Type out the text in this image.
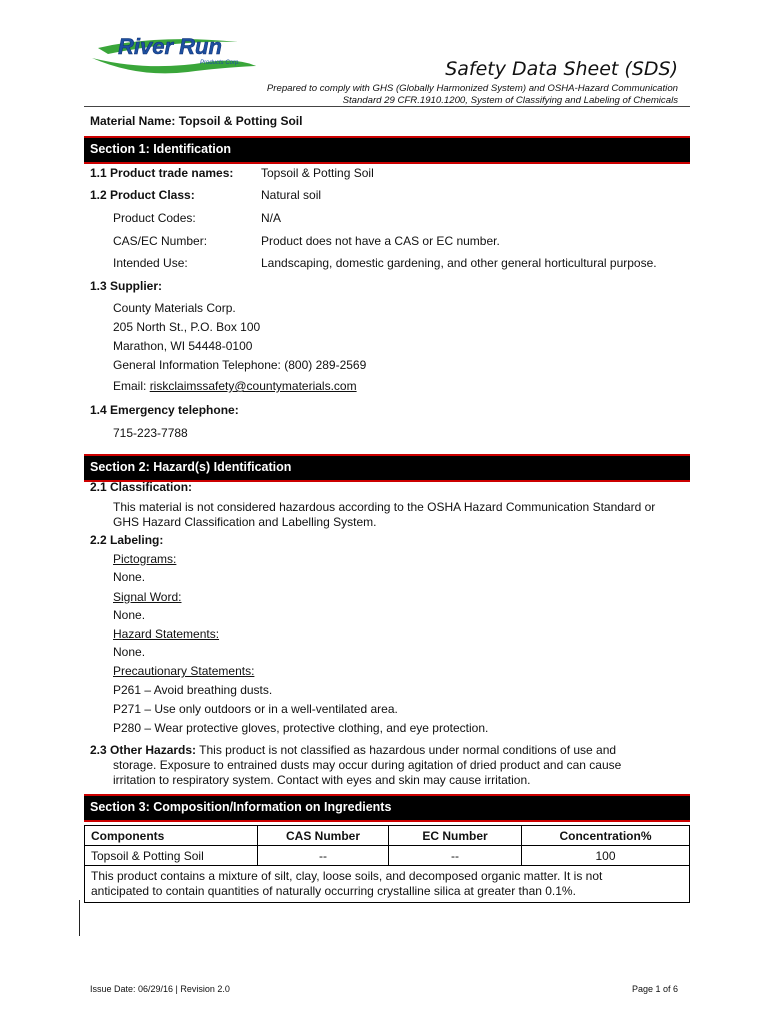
River Run
Products Corp.	Safety Data Sheet (SDS)
Prepared to comply with GHS (Globally Harmonized System) and OSHA-Hazard Communication
Standard 29 CFR.1910.1200, System of Classifying and Labeling of Chemicals
Material Name: Topsoil & Potting Soil
Section 1: Identification
1.1 Product trade names: Topsoil & Potting Soil
1.2 Product Class:	Natural soil
Product Codes:	N/A
CAS/EC Number:	Product does not have a CAS or EC number.
Intended Use:	Landscaping, domestic gardening, and other general horticultural purpose.
1.3 Supplier:
County Materials Corp.
205 North St., P.O. Box 100
Marathon, WI 54448-0100
General Information Telephone: (800) 289-2569
Email: riskclaimssafety@countymaterials.com
1.4 Emergency telephone:
715-223-7788
Section 2: Hazard(s) Identification
2.1 Classification:
This material is not considered hazardous according to the OSHA Hazard Communication Standard or
GHS Hazard Classification and Labelling System.
2.2 Labeling:
Pictograms:
None.
Signal Word:
None.
Hazard Statements:
None.
Precautionary Statements:
P261 – Avoid breathing dusts.
P271 – Use only outdoors or in a well-ventilated area.
P280 – Wear protective gloves, protective clothing, and eye protection.
2.3 Other Hazards: This product is not classified as hazardous under normal conditions of use and
storage. Exposure to entrained dusts may occur during agitation of dried product and can cause
irritation to respiratory system. Contact with eyes and skin may cause irritation.
Section 3: Composition/Information on Ingredients
Components	CAS Number	EC Number	Concentration%
Topsoil & Potting Soil	--	--	100

This product contains a mixture of silt, clay, loose soils, and decomposed organic matter. It is not
anticipated to contain quantities of naturally occurring crystalline silica at greater than 0.1%.			
Issue Date: 06/29/16 | Revision 2.0	Page 1 of 6
